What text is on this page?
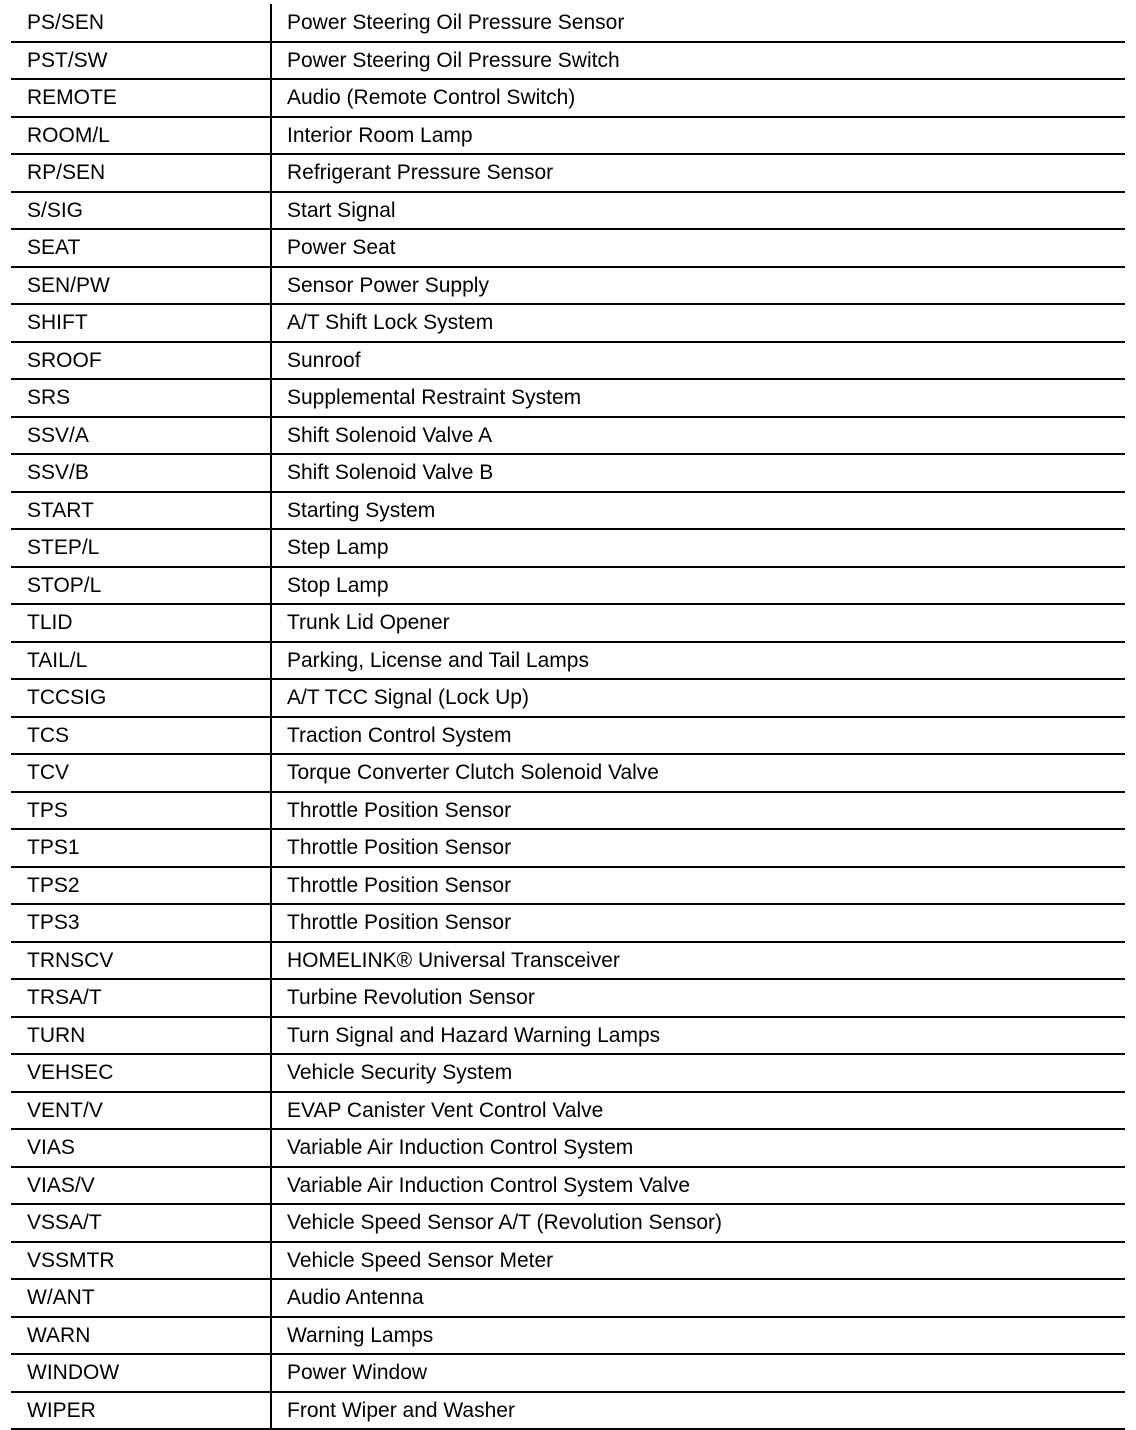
PS/SEN	Power Steering Oil Pressure Sensor
PST/SW	Power Steering Oil Pressure Switch
REMOTE	Audio (Remote Control Switch)
ROOM/L	Interior Room Lamp
RP/SEN	Refrigerant Pressure Sensor
S/SIG	Start Signal
SEAT	Power Seat
SEN/PW	Sensor Power Supply
SHIFT	A/T Shift Lock System
SROOF	Sunroof
SRS	Supplemental Restraint System
SSV/A	Shift Solenoid Valve A
SSV/B	Shift Solenoid Valve B
START	Starting System
STEP/L	Step Lamp
STOP/L	Stop Lamp
TLID	Trunk Lid Opener
TAIL/L	Parking, License and Tail Lamps
TCCSIG	A/T TCC Signal (Lock Up)
TCS	Traction Control System
TCV	Torque Converter Clutch Solenoid Valve
TPS	Throttle Position Sensor
TPS1	Throttle Position Sensor
TPS2	Throttle Position Sensor
TPS3	Throttle Position Sensor
TRNSCV	HOMELINK® Universal Transceiver
TRSA/T	Turbine Revolution Sensor
TURN	Turn Signal and Hazard Warning Lamps
VEHSEC	Vehicle Security System
VENT/V	EVAP Canister Vent Control Valve
VIAS	Variable Air Induction Control System
VIAS/V	Variable Air Induction Control System Valve
VSSA/T	Vehicle Speed Sensor A/T (Revolution Sensor)
VSSMTR	Vehicle Speed Sensor Meter
W/ANT	Audio Antenna
WARN	Warning Lamps
WINDOW	Power Window
WIPER	Front Wiper and Washer
